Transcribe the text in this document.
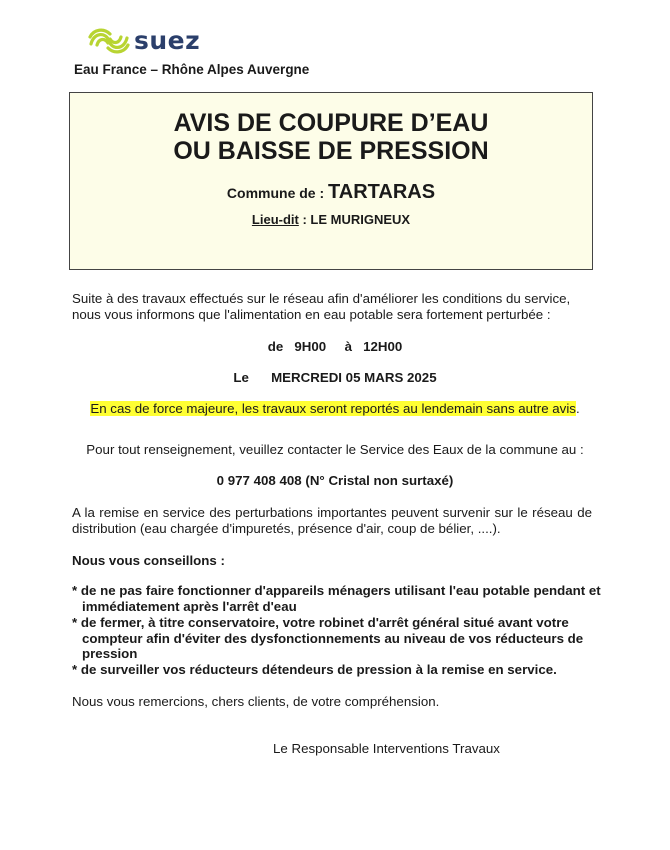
suez
Eau France – Rhône Alpes Auvergne
AVIS DE COUPURE D’EAU
OU BAISSE DE PRESSION
Commune de : TARTARAS
Lieu-dit : LE MURIGNEUX
Suite à des travaux effectués sur le réseau afin d'améliorer les conditions du service,
nous vous informons que l'alimentation en eau potable sera fortement perturbée :
de   9H00     à   12H00
Le      MERCREDI 05 MARS 2025
En cas de force majeure, les travaux seront reportés au lendemain sans autre avis.
Pour tout renseignement, veuillez contacter le Service des Eaux de la commune au :
0 977 408 408 (N° Cristal non surtaxé)
A la remise en service des perturbations importantes peuvent survenir sur le réseau de distribution (eau chargée d'impuretés, présence d'air, coup de bélier, ....).
Nous vous conseillons :
* de ne pas faire fonctionner d'appareils ménagers utilisant l'eau potable pendant et immédiatement après l'arrêt d'eau
* de fermer, à titre conservatoire, votre robinet d'arrêt général situé avant votre compteur afin d'éviter des dysfonctionnements au niveau de vos réducteurs de pression
* de surveiller vos réducteurs détendeurs de pression à la remise en service.
Nous vous remercions, chers clients, de votre compréhension.
Le Responsable Interventions Travaux
